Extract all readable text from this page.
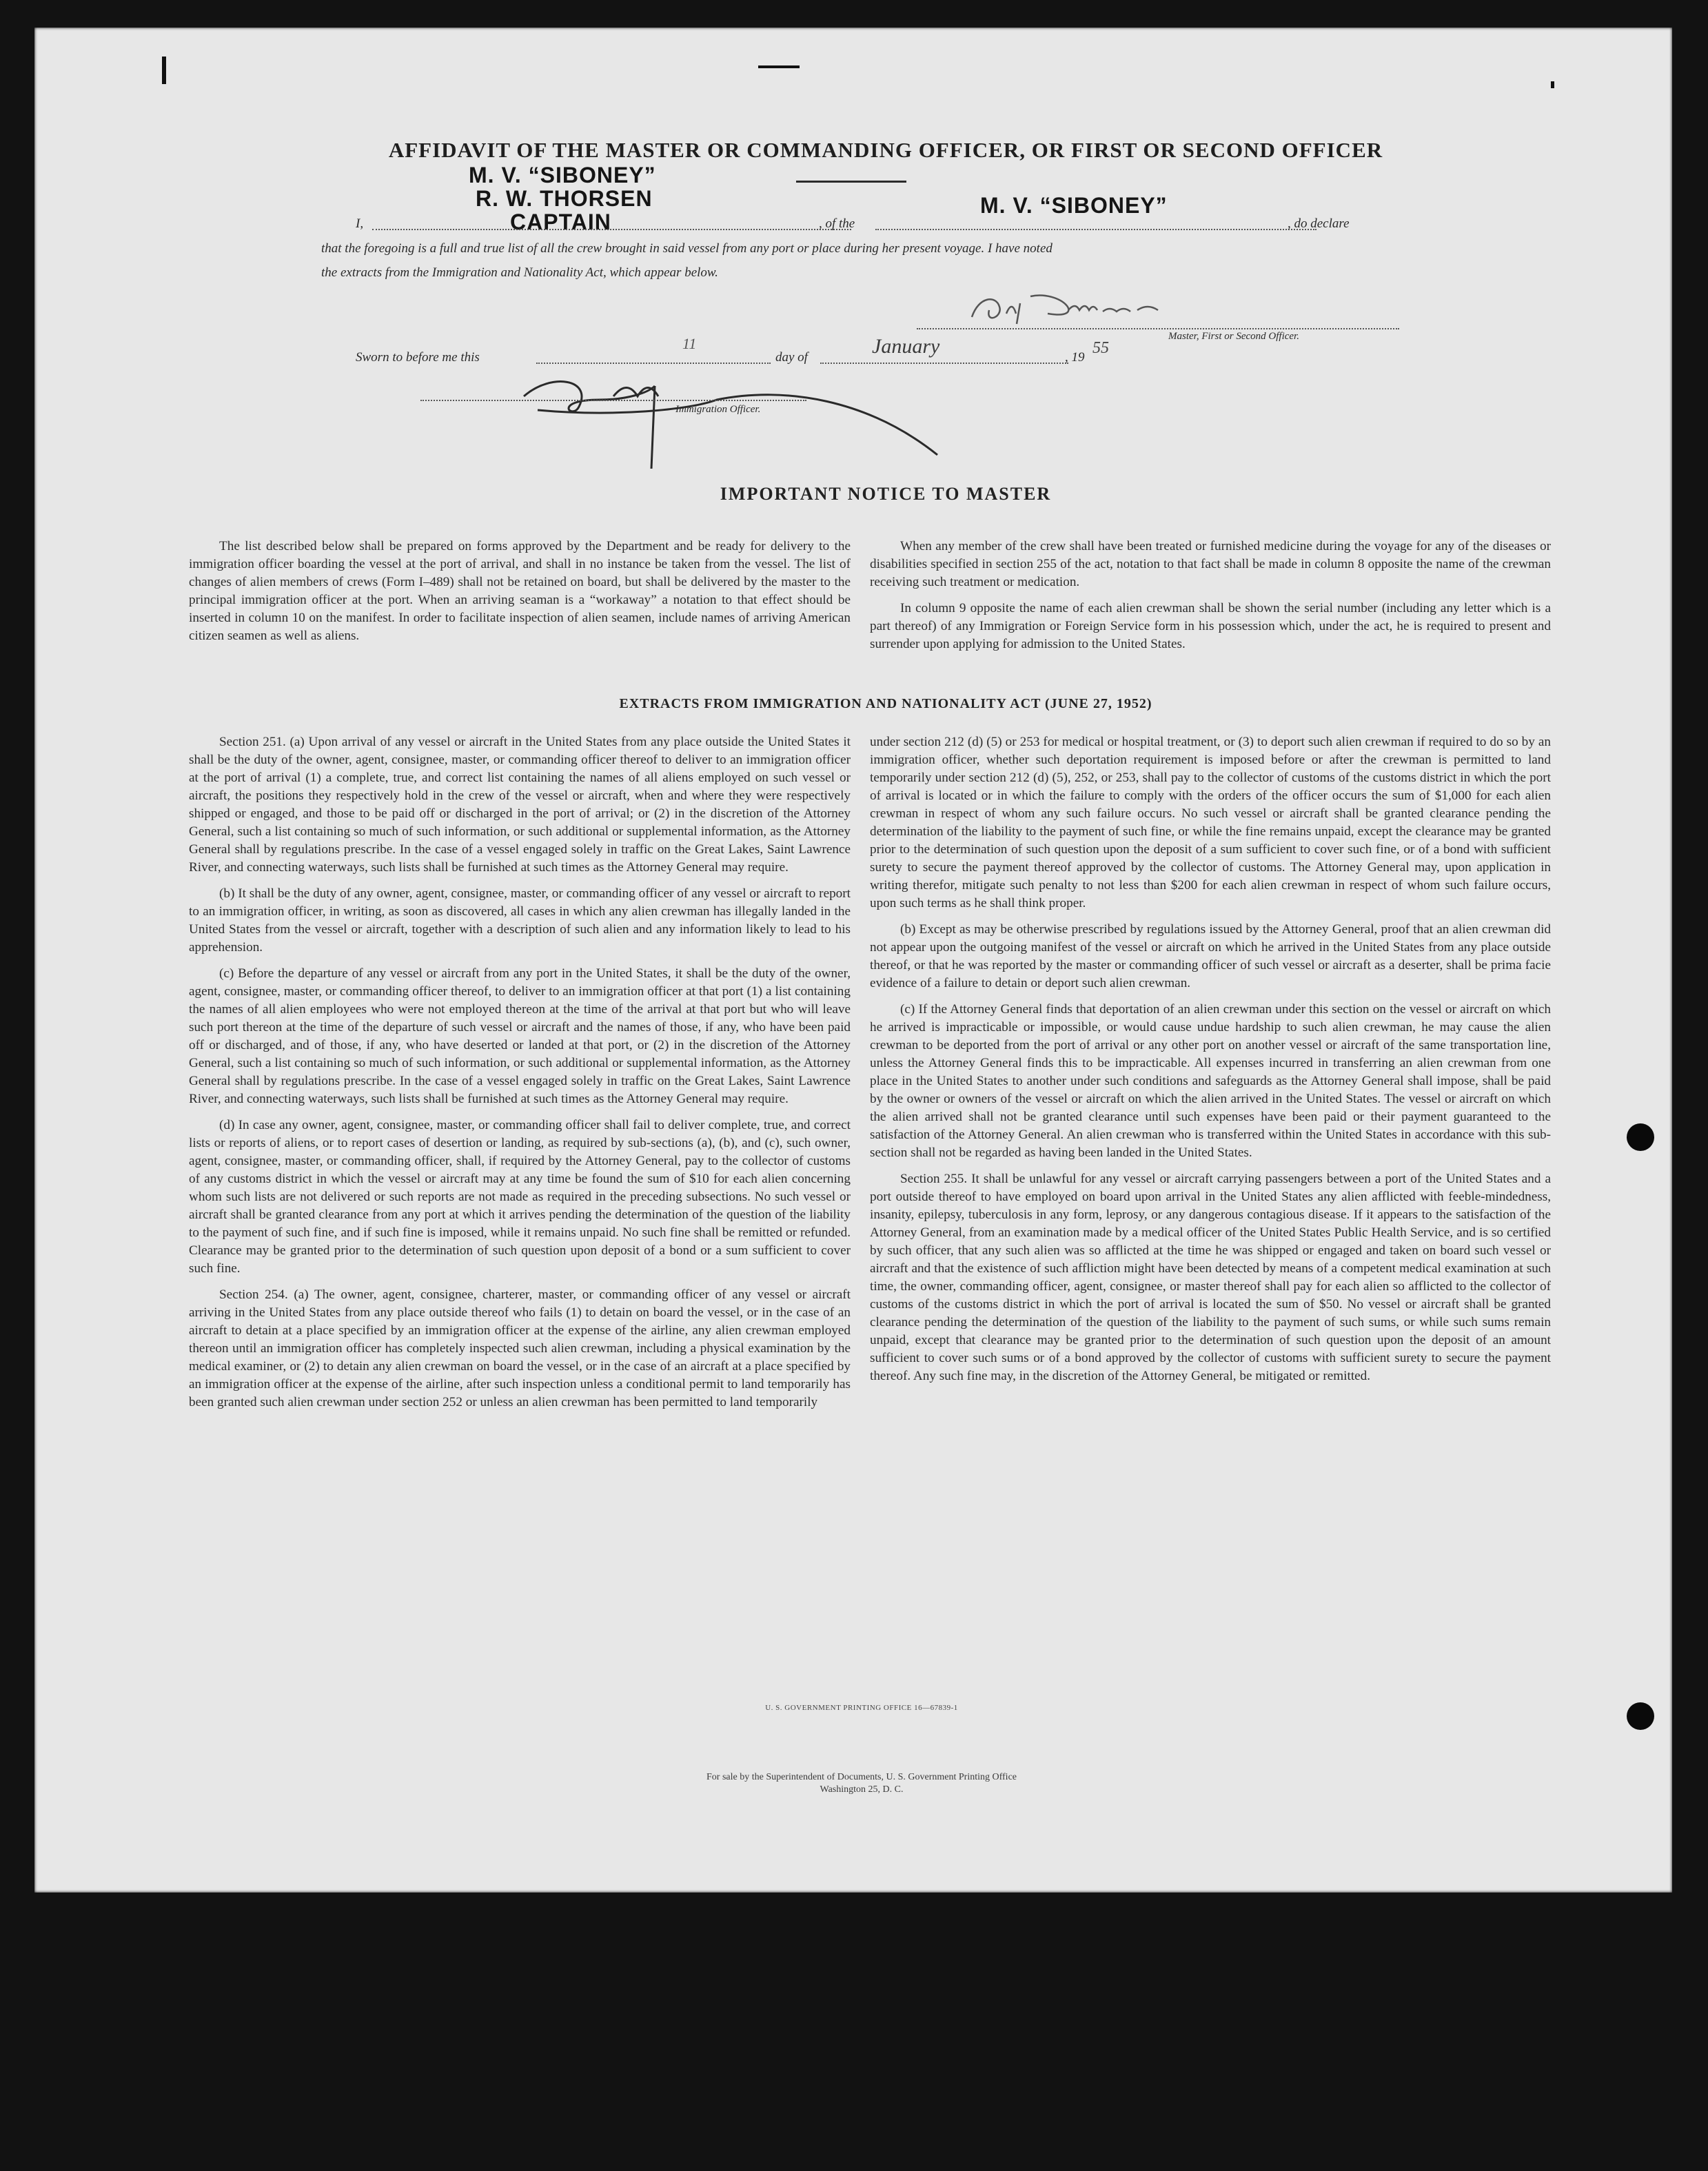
AFFIDAVIT OF THE MASTER OR COMMANDING OFFICER, OR FIRST OR SECOND OFFICER
M. V. “SIBONEY”
R. W. THORSEN
CAPTAIN
I,	, of the
M. V. “SIBONEY”
, do declare
that the foregoing is a full and true list of all the crew brought in said vessel from any port or place during her present voyage. I have noted
the extracts from the Immigration and Nationality Act, which appear below.
Master, First or Second Officer.
Sworn to before me this
11
day of	January	, 19
55
Immigration Officer.
IMPORTANT NOTICE TO MASTER

The list described below shall be prepared on forms approved by the Department and be ready for delivery to the immigration officer boarding the vessel at the port of arrival, and shall in no instance be taken from the vessel. The list of changes of alien members of crews (Form I–489) shall not be retained on board, but shall be delivered by the master to the principal immigration officer at the port. When an arriving seaman is a “workaway” a notation to that effect should be inserted in column 10 on the manifest. In order to facilitate inspection of alien seamen, include names of arriving American citizen seamen as well as aliens.

When any member of the crew shall have been treated or furnished medicine during the voyage for any of the diseases or disabilities specified in section 255 of the act, notation to that fact shall be made in column 8 opposite the name of the crewman receiving such treatment or medication.

In column 9 opposite the name of each alien crewman shall be shown the serial number (including any letter which is a part thereof) of any Immigration or Foreign Service form in his possession which, under the act, he is required to present and surrender upon applying for admission to the United States.

EXTRACTS FROM IMMIGRATION AND NATIONALITY ACT (JUNE 27, 1952)

Section 251. (a) Upon arrival of any vessel or aircraft in the United States from any place outside the United States it shall be the duty of the owner, agent, consignee, master, or commanding officer thereof to deliver to an immigration officer at the port of arrival (1) a complete, true, and correct list containing the names of all aliens employed on such vessel or aircraft, the positions they respectively hold in the crew of the vessel or aircraft, when and where they were respectively shipped or engaged, and those to be paid off or discharged in the port of arrival; or (2) in the discretion of the Attorney General, such a list containing so much of such information, or such additional or supplemental information, as the Attorney General shall by regulations prescribe. In the case of a vessel engaged solely in traffic on the Great Lakes, Saint Lawrence River, and connecting waterways, such lists shall be furnished at such times as the Attorney General may require.

(b) It shall be the duty of any owner, agent, consignee, master, or commanding officer of any vessel or aircraft to report to an immigration officer, in writing, as soon as discovered, all cases in which any alien crewman has illegally landed in the United States from the vessel or aircraft, together with a description of such alien and any information likely to lead to his apprehension.

(c) Before the departure of any vessel or aircraft from any port in the United States, it shall be the duty of the owner, agent, consignee, master, or commanding officer thereof, to deliver to an immigration officer at that port (1) a list containing the names of all alien employees who were not employed thereon at the time of the arrival at that port but who will leave such port thereon at the time of the departure of such vessel or aircraft and the names of those, if any, who have been paid off or discharged, and of those, if any, who have deserted or landed at that port, or (2) in the discretion of the Attorney General, such a list containing so much of such information, or such additional or supplemental information, as the Attorney General shall by regulations prescribe. In the case of a vessel engaged solely in traffic on the Great Lakes, Saint Lawrence River, and connecting waterways, such lists shall be furnished at such times as the Attorney General may require.

(d) In case any owner, agent, consignee, master, or commanding officer shall fail to deliver complete, true, and correct lists or reports of aliens, or to report cases of desertion or landing, as required by sub-sections (a), (b), and (c), such owner, agent, consignee, master, or commanding officer, shall, if required by the Attorney General, pay to the collector of customs of any customs district in which the vessel or aircraft may at any time be found the sum of $10 for each alien concerning whom such lists are not delivered or such reports are not made as required in the preceding subsections. No such vessel or aircraft shall be granted clearance from any port at which it arrives pending the determination of the question of the liability to the payment of such fine, and if such fine is imposed, while it remains unpaid. No such fine shall be remitted or refunded. Clearance may be granted prior to the determination of such question upon deposit of a bond or a sum sufficient to cover such fine.

Section 254. (a) The owner, agent, consignee, charterer, master, or commanding officer of any vessel or aircraft arriving in the United States from any place outside thereof who fails (1) to detain on board the vessel, or in the case of an aircraft to detain at a place specified by an immigration officer at the expense of the airline, any alien crewman employed thereon until an immigration officer has completely inspected such alien crewman, including a physical examination by the medical examiner, or (2) to detain any alien crewman on board the vessel, or in the case of an aircraft at a place specified by an immigration officer at the expense of the airline, after such inspection unless a conditional permit to land temporarily has been granted such alien crewman under section 252 or unless an alien crewman has been permitted to land temporarily

under section 212 (d) (5) or 253 for medical or hospital treatment, or (3) to deport such alien crewman if required to do so by an immigration officer, whether such deportation requirement is imposed before or after the crewman is permitted to land temporarily under section 212 (d) (5), 252, or 253, shall pay to the collector of customs of the customs district in which the port of arrival is located or in which the failure to comply with the orders of the officer occurs the sum of $1,000 for each alien crewman in respect of whom any such failure occurs. No such vessel or aircraft shall be granted clearance pending the determination of the liability to the payment of such fine, or while the fine remains unpaid, except the clearance may be granted prior to the determination of such question upon the deposit of a sum sufficient to cover such fine, or of a bond with sufficient surety to secure the payment thereof approved by the collector of customs. The Attorney General may, upon application in writing therefor, mitigate such penalty to not less than $200 for each alien crewman in respect of whom such failure occurs, upon such terms as he shall think proper.

(b) Except as may be otherwise prescribed by regulations issued by the Attorney General, proof that an alien crewman did not appear upon the outgoing manifest of the vessel or aircraft on which he arrived in the United States from any place outside thereof, or that he was reported by the master or commanding officer of such vessel or aircraft as a deserter, shall be prima facie evidence of a failure to detain or deport such alien crewman.

(c) If the Attorney General finds that deportation of an alien crewman under this section on the vessel or aircraft on which he arrived is impracticable or impossible, or would cause undue hardship to such alien crewman, he may cause the alien crewman to be deported from the port of arrival or any other port on another vessel or aircraft of the same transportation line, unless the Attorney General finds this to be impracticable. All expenses incurred in transferring an alien crewman from one place in the United States to another under such conditions and safeguards as the Attorney General shall impose, shall be paid by the owner or owners of the vessel or aircraft on which the alien arrived in the United States. The vessel or aircraft on which the alien arrived shall not be granted clearance until such expenses have been paid or their payment guaranteed to the satisfaction of the Attorney General. An alien crewman who is transferred within the United States in accordance with this sub-section shall not be regarded as having been landed in the United States.

Section 255. It shall be unlawful for any vessel or aircraft carrying passengers between a port of the United States and a port outside thereof to have employed on board upon arrival in the United States any alien afflicted with feeble-mindedness, insanity, epilepsy, tuberculosis in any form, leprosy, or any dangerous contagious disease. If it appears to the satisfaction of the Attorney General, from an examination made by a medical officer of the United States Public Health Service, and is so certified by such officer, that any such alien was so afflicted at the time he was shipped or engaged and taken on board such vessel or aircraft and that the existence of such affliction might have been detected by means of a competent medical examination at such time, the owner, commanding officer, agent, consignee, or master thereof shall pay for each alien so afflicted to the collector of customs of the customs district in which the port of arrival is located the sum of $50. No vessel or aircraft shall be granted clearance pending the determination of the question of the liability to the payment of such sums, or while such sums remain unpaid, except that clearance may be granted prior to the determination of such question upon the deposit of an amount sufficient to cover such sums or of a bond approved by the collector of customs with sufficient surety to secure the payment thereof. Any such fine may, in the discretion of the Attorney General, be mitigated or remitted.

U. S. GOVERNMENT PRINTING OFFICE 16—67839-1
For sale by the Superintendent of Documents, U. S. Government Printing Office
Washington 25, D. C.
